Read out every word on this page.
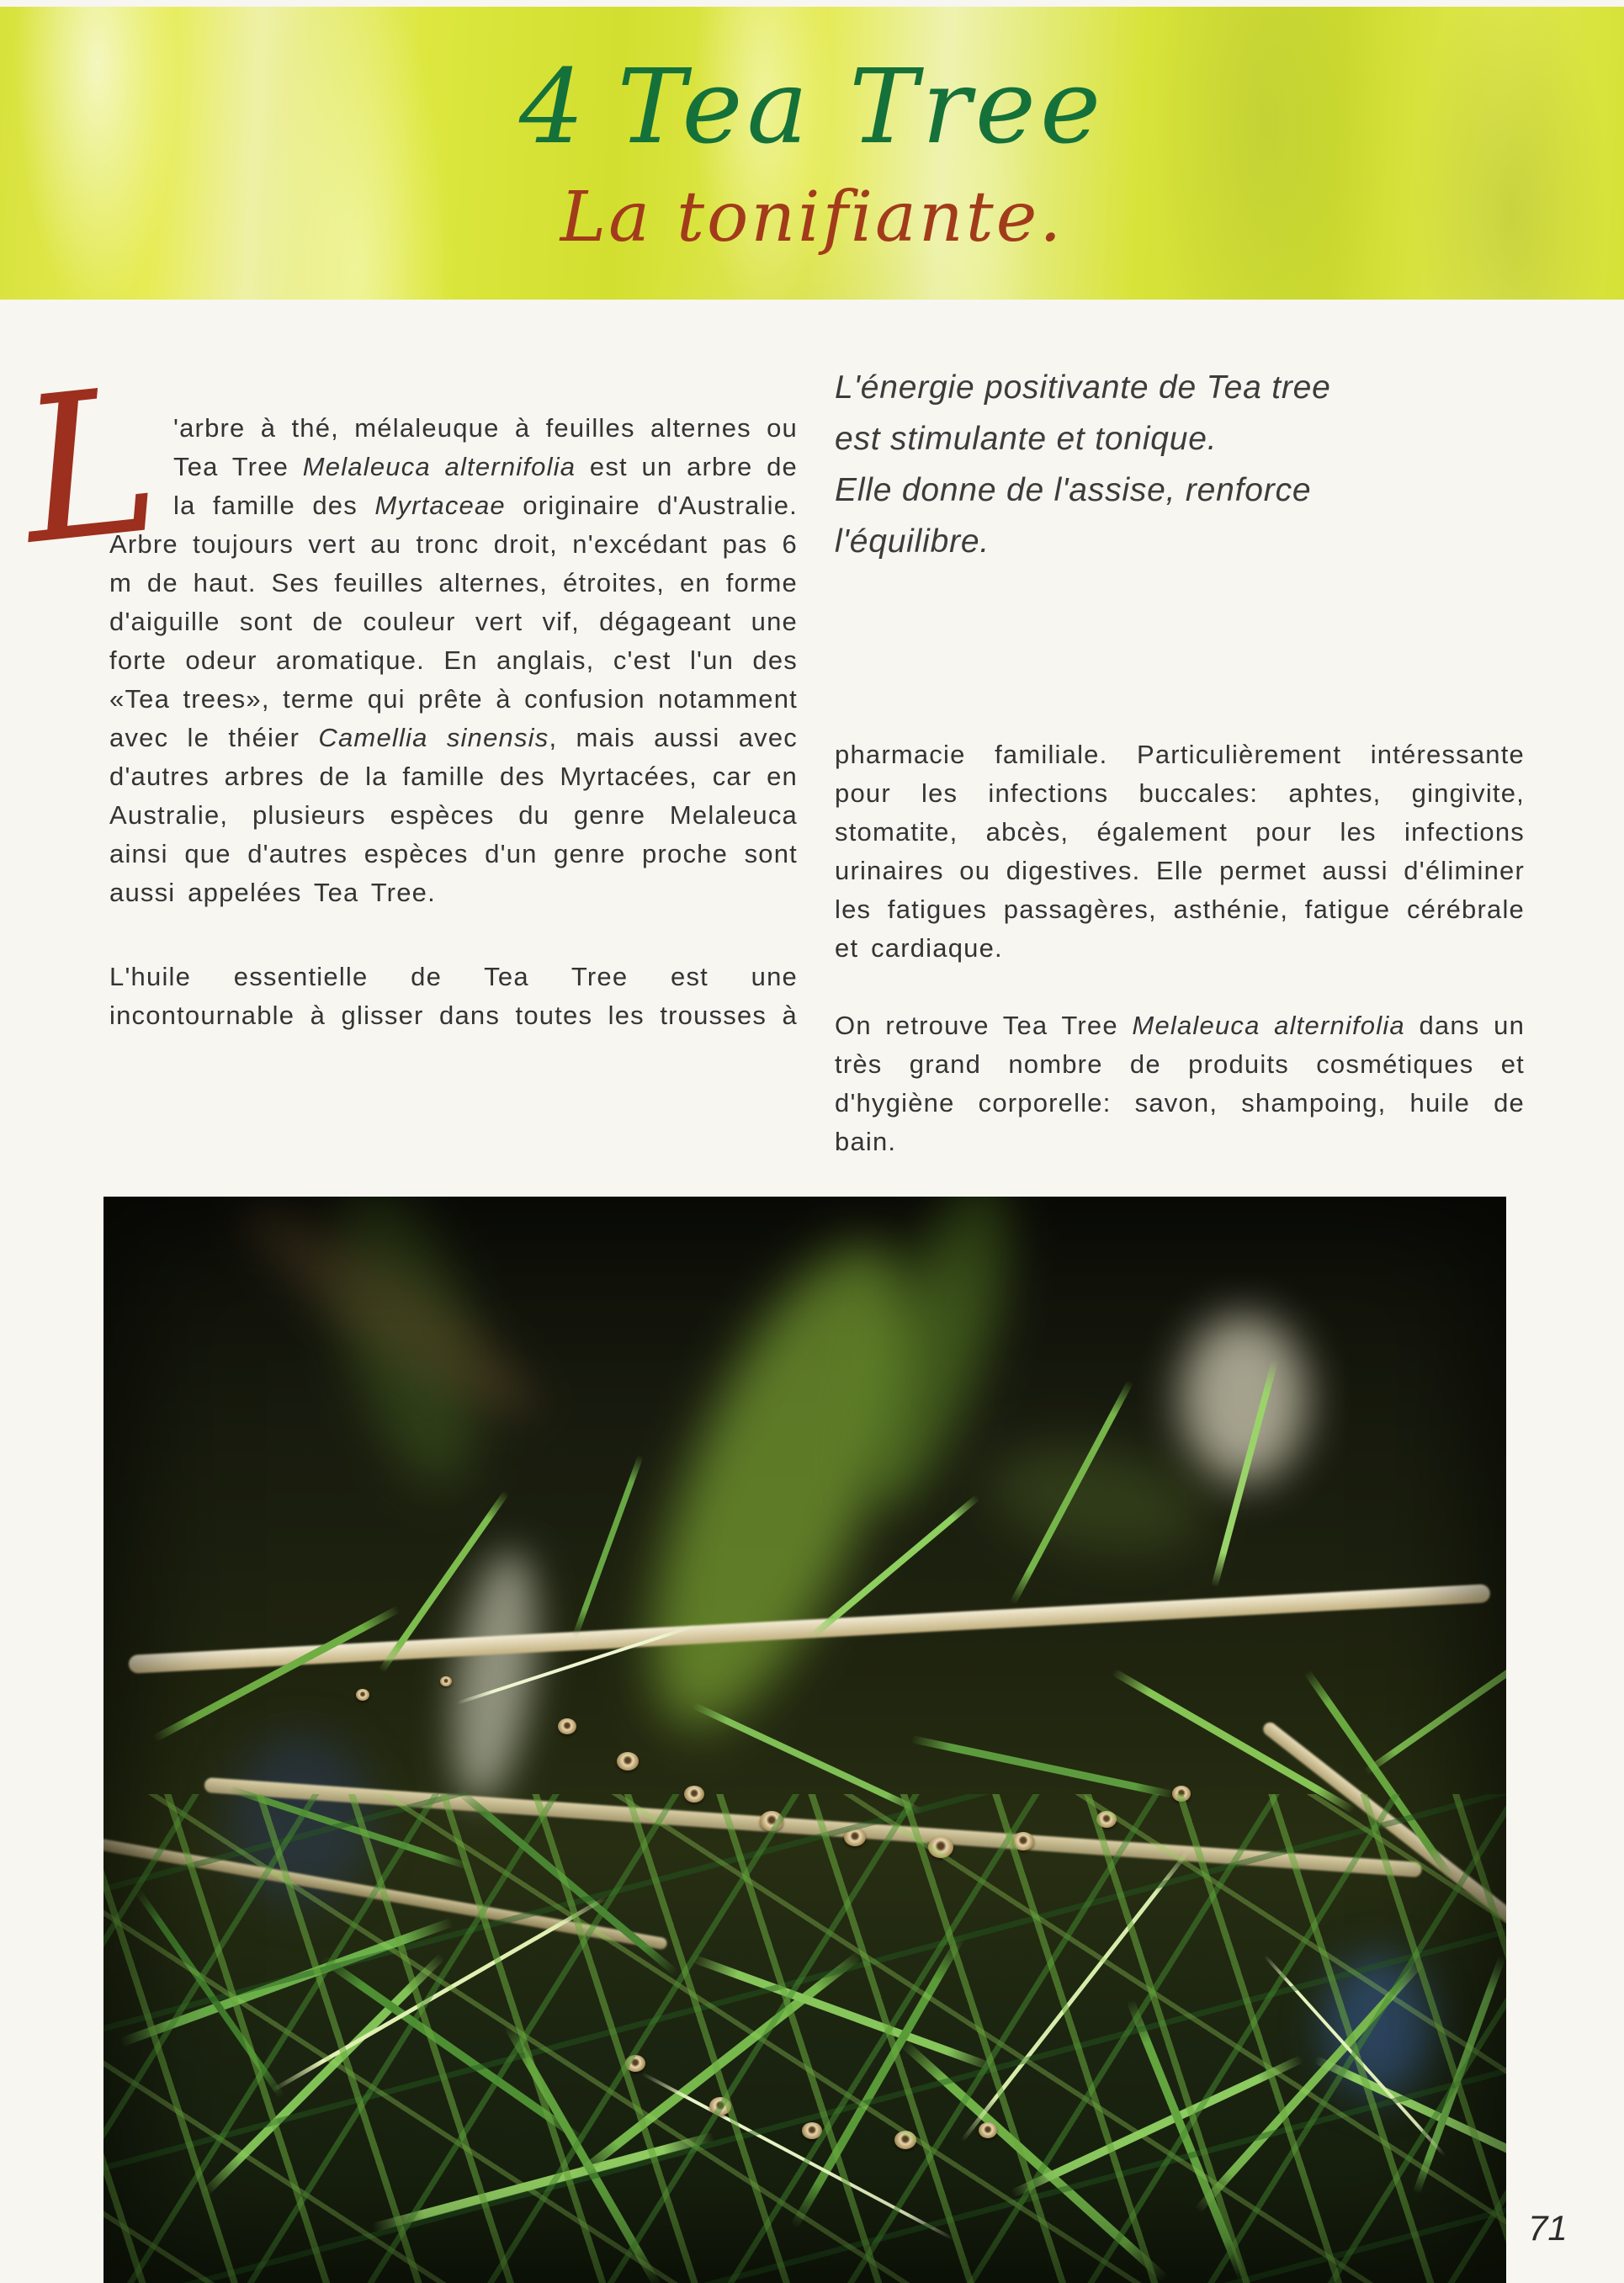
4 Tea Tree
La tonifiante.
L 'arbre à thé, mélaleuque à feuilles alternes ou Tea Tree Melaleuca alternifolia est un arbre de la famille des Myrtaceae originaire d'Australie. Arbre toujours vert au tronc droit, n'excédant pas 6 m de haut. Ses feuilles alternes, étroites, en forme d'aiguille sont de couleur vert vif, dégageant une forte odeur aromatique. En anglais, c'est l'un des «Tea trees», terme qui prête à confusion notamment avec le théier Camellia sinensis, mais aussi avec d'autres arbres de la famille des Myrtacées, car en Australie, plusieurs espèces du genre Melaleuca ainsi que d'autres espèces d'un genre proche sont aussi appelées Tea Tree.

L'huile essentielle de Tea Tree est une incontournable à glisser dans toutes les trousses à

L'énergie positivante de Tea tree
est stimulante et tonique.
Elle donne de l'assise, renforce
l'équilibre.

pharmacie familiale. Particulièrement intéressante pour les infections buccales: aphtes, gingivite, stomatite, abcès, également pour les infections urinaires ou digestives. Elle permet aussi d'éliminer les fatigues passagères, asthénie, fatigue cérébrale et cardiaque.

On retrouve Tea Tree Melaleuca alternifolia dans un très grand nombre de produits cosmétiques et d'hygiène corporelle: savon, shampoing, huile de bain.

71
